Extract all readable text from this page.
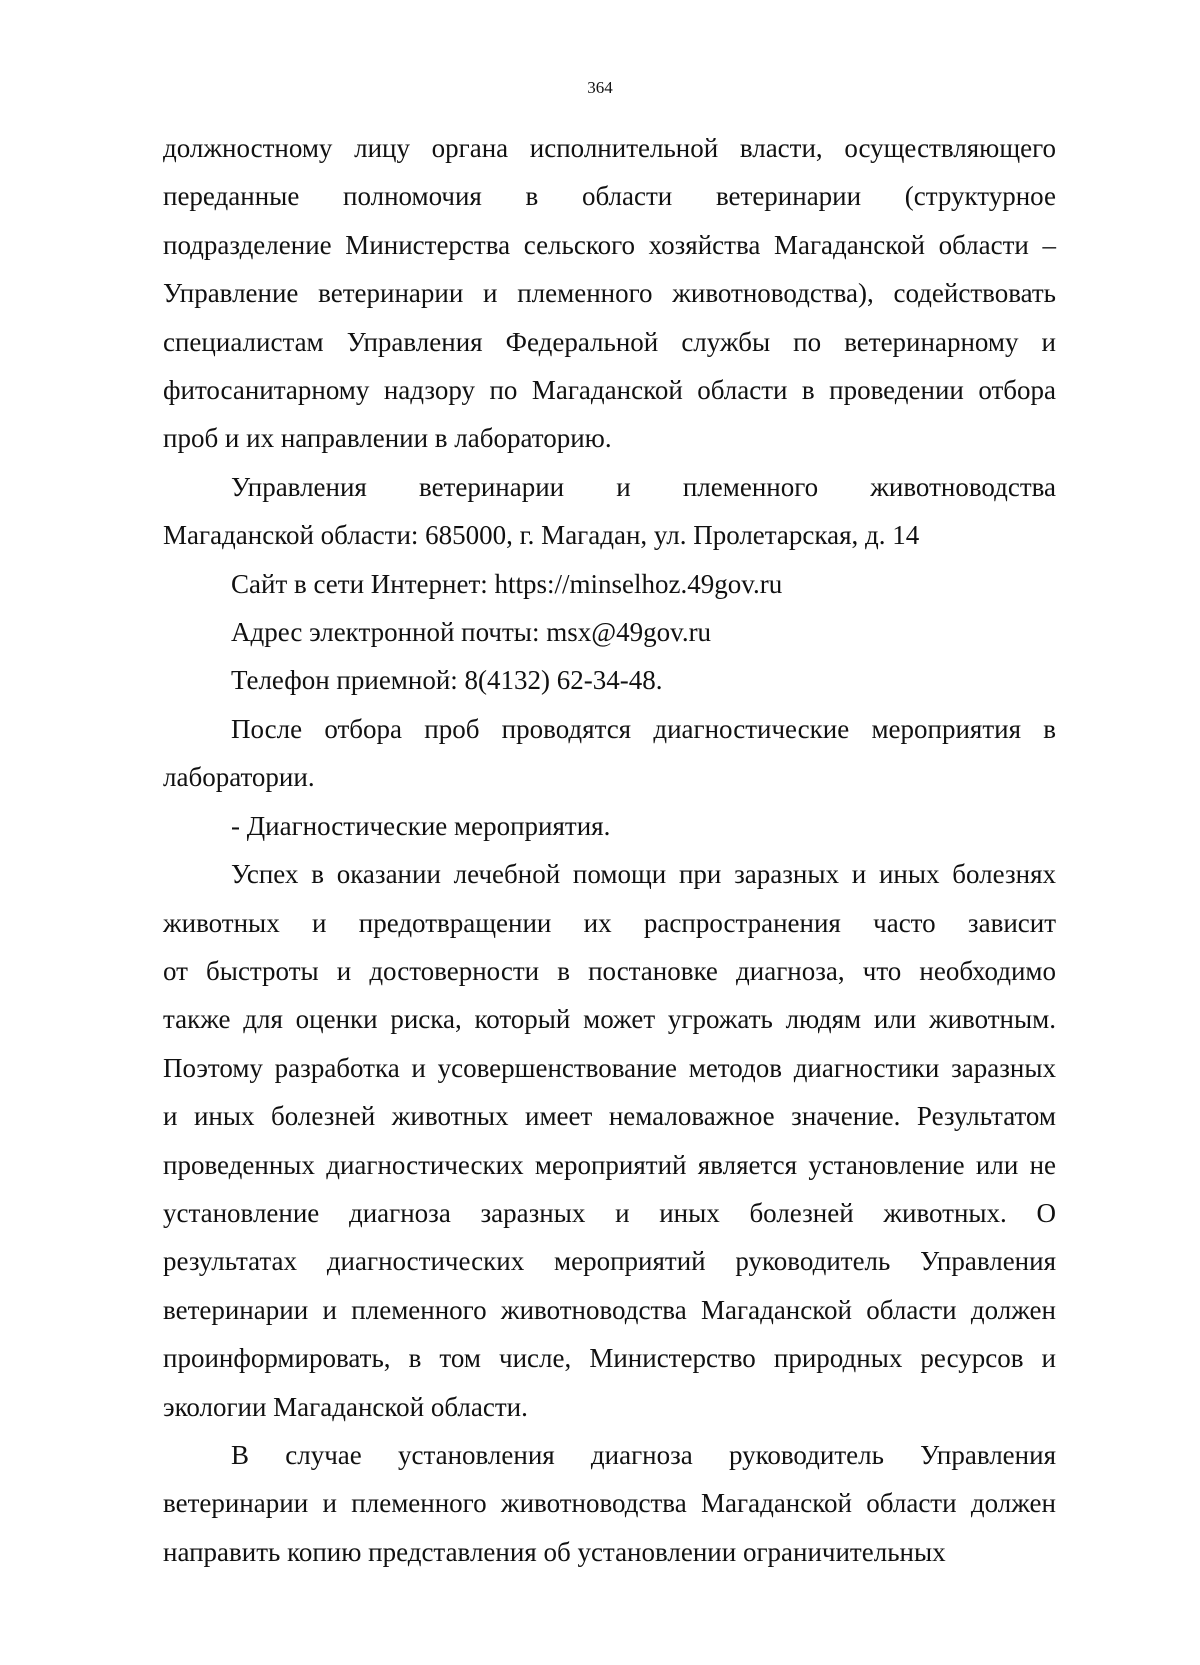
364
должностному лицу органа исполнительной власти, осуществляющего
переданные полномочия в области ветеринарии (структурное
подразделение Министерства сельского хозяйства Магаданской области –
Управление ветеринарии и племенного животноводства), содействовать
специалистам Управления Федеральной службы по ветеринарному и
фитосанитарному надзору по Магаданской области в проведении отбора
проб и их направлении в лабораторию.
Управления ветеринарии и племенного животноводства
Магаданской области: 685000, г. Магадан, ул. Пролетарская, д. 14
Сайт в сети Интернет: https://minselhoz.49gov.ru
Адрес электронной почты: msx@49gov.ru
Телефон приемной: 8(4132) 62-34-48.
После отбора проб проводятся диагностические мероприятия в
лаборатории.
- Диагностические мероприятия.
Успех в оказании лечебной помощи при заразных и иных болезнях
животных и предотвращении их распространения часто зависит
от быстроты и достоверности в постановке диагноза, что необходимо
также для оценки риска, который может угрожать людям или животным.
Поэтому разработка и усовершенствование методов диагностики заразных
и иных болезней животных имеет немаловажное значение. Результатом
проведенных диагностических мероприятий является установление или не
установление диагноза заразных и иных болезней животных. О
результатах диагностических мероприятий руководитель Управления
ветеринарии и племенного животноводства Магаданской области должен
проинформировать, в том числе, Министерство природных ресурсов и
экологии Магаданской области.
В случае установления диагноза руководитель Управления
ветеринарии и племенного животноводства Магаданской области должен
направить копию представления об установлении ограничительных
